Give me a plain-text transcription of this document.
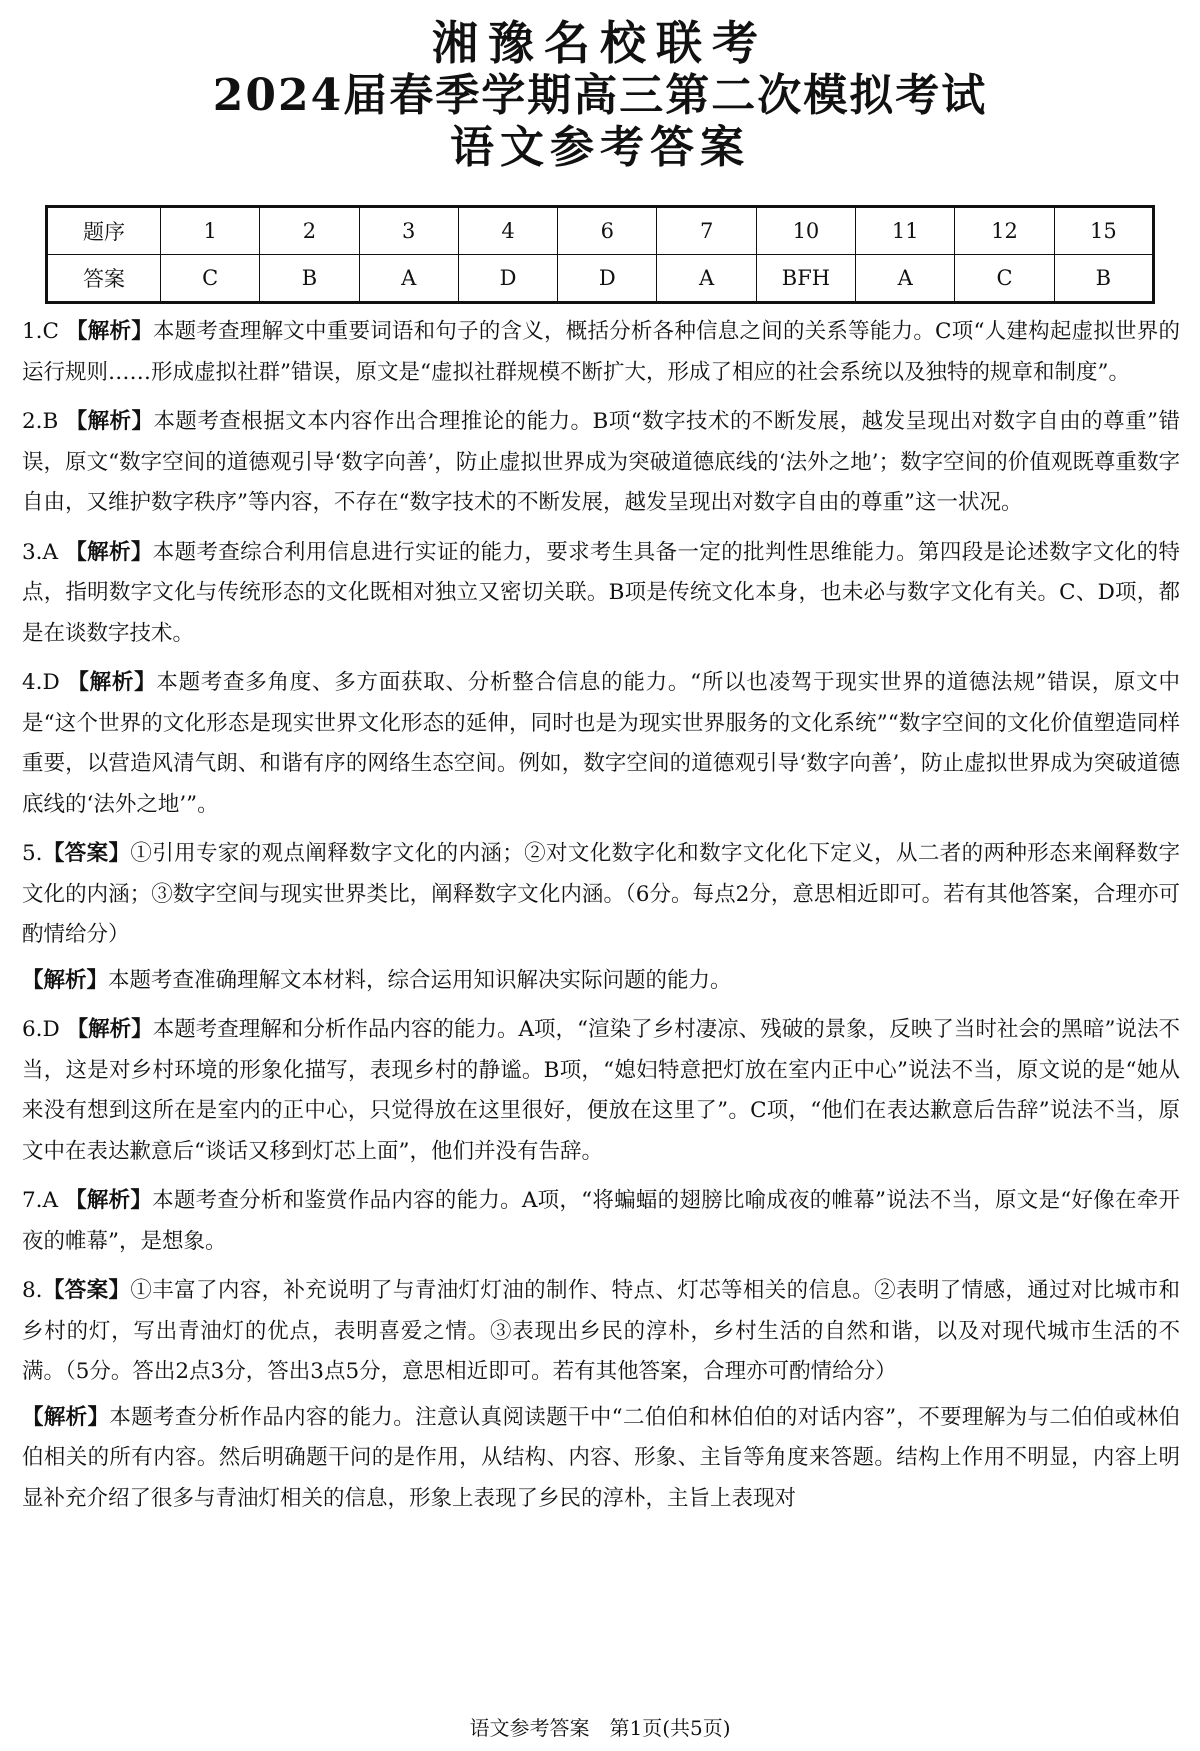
湘豫名校联考
2024届春季学期高三第二次模拟考试
语文参考答案
题序	1	2	3	4	6	7	10	11	12	15
答案	C	B	A	D	D	A	BFH	A	C	B

1.C 【解析】本题考查理解文中重要词语和句子的含义，概括分析各种信息之间的关系等能力。C项“人建构起虚拟世界的运行规则……形成虚拟社群”错误，原文是“虚拟社群规模不断扩大，形成了相应的社会系统以及独特的规章和制度”。

2.B 【解析】本题考查根据文本内容作出合理推论的能力。B项“数字技术的不断发展，越发呈现出对数字自由的尊重”错误，原文“数字空间的道德观引导‘数字向善’，防止虚拟世界成为突破道德底线的‘法外之地’；数字空间的价值观既尊重数字自由，又维护数字秩序”等内容，不存在“数字技术的不断发展，越发呈现出对数字自由的尊重”这一状况。

3.A 【解析】本题考查综合利用信息进行实证的能力，要求考生具备一定的批判性思维能力。第四段是论述数字文化的特点，指明数字文化与传统形态的文化既相对独立又密切关联。B项是传统文化本身，也未必与数字文化有关。C、D项，都是在谈数字技术。

4.D 【解析】本题考查多角度、多方面获取、分析整合信息的能力。“所以也凌驾于现实世界的道德法规”错误，原文中是“这个世界的文化形态是现实世界文化形态的延伸，同时也是为现实世界服务的文化系统”“数字空间的文化价值塑造同样重要，以营造风清气朗、和谐有序的网络生态空间。例如，数字空间的道德观引导‘数字向善’，防止虚拟世界成为突破道德底线的‘法外之地’”。

5.【答案】①引用专家的观点阐释数字文化的内涵；②对文化数字化和数字文化化下定义，从二者的两种形态来阐释数字文化的内涵；③数字空间与现实世界类比，阐释数字文化内涵。（6分。每点2分，意思相近即可。若有其他答案，合理亦可酌情给分）

【解析】本题考查准确理解文本材料，综合运用知识解决实际问题的能力。

6.D 【解析】本题考查理解和分析作品内容的能力。A项，“渲染了乡村凄凉、残破的景象，反映了当时社会的黑暗”说法不当，这是对乡村环境的形象化描写，表现乡村的静谧。B项，“媳妇特意把灯放在室内正中心”说法不当，原文说的是“她从来没有想到这所在是室内的正中心，只觉得放在这里很好，便放在这里了”。C项，“他们在表达歉意后告辞”说法不当，原文中在表达歉意后“谈话又移到灯芯上面”，他们并没有告辞。

7.A 【解析】本题考查分析和鉴赏作品内容的能力。A项，“将蝙蝠的翅膀比喻成夜的帷幕”说法不当，原文是“好像在牵开夜的帷幕”，是想象。

8.【答案】①丰富了内容，补充说明了与青油灯灯油的制作、特点、灯芯等相关的信息。②表明了情感，通过对比城市和乡村的灯，写出青油灯的优点，表明喜爱之情。③表现出乡民的淳朴，乡村生活的自然和谐，以及对现代城市生活的不满。（5分。答出2点3分，答出3点5分，意思相近即可。若有其他答案，合理亦可酌情给分）

【解析】本题考查分析作品内容的能力。注意认真阅读题干中“二伯伯和林伯伯的对话内容”，不要理解为与二伯伯或林伯伯相关的所有内容。然后明确题干问的是作用，从结构、内容、形象、主旨等角度来答题。结构上作用不明显，内容上明显补充介绍了很多与青油灯相关的信息，形象上表现了乡民的淳朴，主旨上表现对

语文参考答案　第1页(共5页)
